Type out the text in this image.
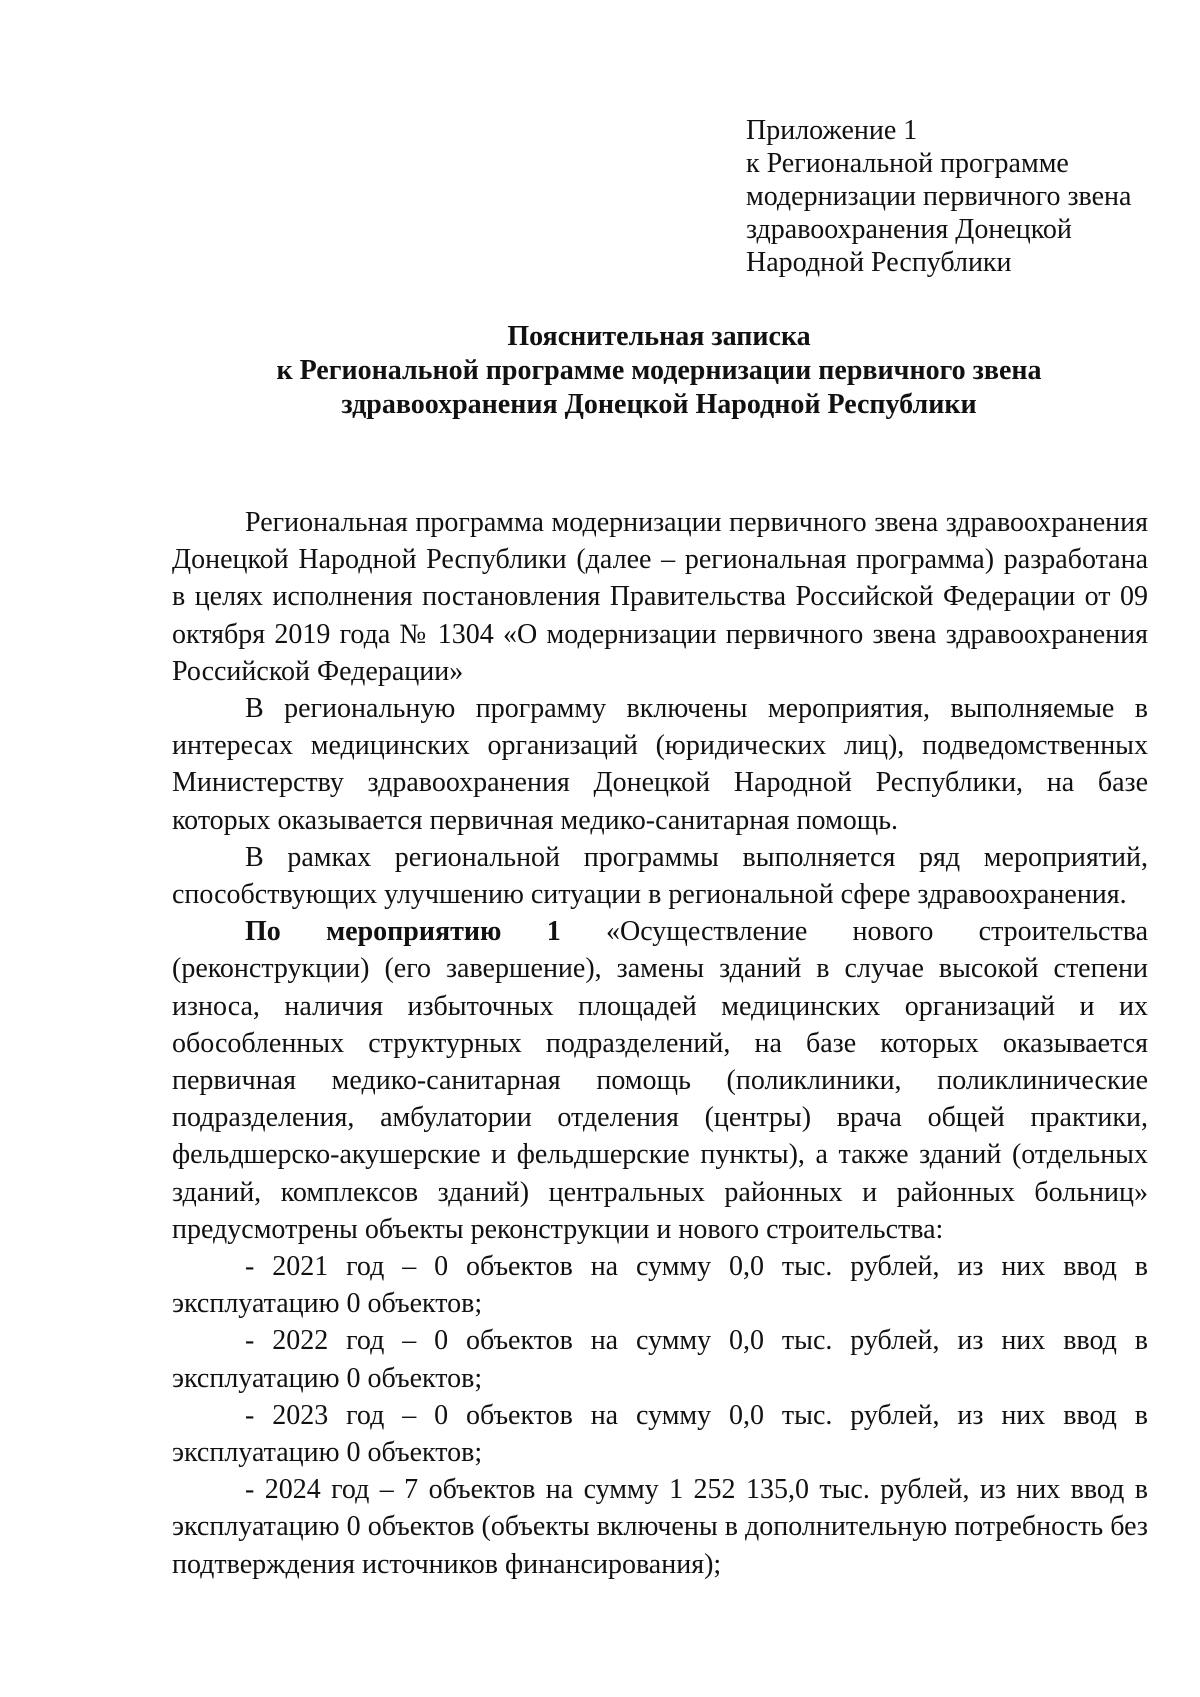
Приложение 1
к Региональной программе
модернизации первичного звена
здравоохранения Донецкой
Народной Республики
Пояснительная записка
к Региональной программе модернизации первичного звена
здравоохранения Донецкой Народной Республики

Региональная программа модернизации первичного звена здравоохранения Донецкой Народной Республики (далее – региональная программа) разработана в целях исполнения постановления Правительства Российской Федерации от 09 октября 2019 года № 1304 «О модернизации первичного звена здравоохранения Российской Федерации»

В региональную программу включены мероприятия, выполняемые в интересах медицинских организаций (юридических лиц), подведомственных Министерству здравоохранения Донецкой Народной Республики, на базе которых оказывается первичная медико-санитарная помощь.

В рамках региональной программы выполняется ряд мероприятий, способствующих улучшению ситуации в региональной сфере здравоохранения.

По мероприятию 1 «Осуществление нового строительства (реконструкции) (его завершение), замены зданий в случае высокой степени износа, наличия избыточных площадей медицинских организаций и их обособленных структурных подразделений, на базе которых оказывается первичная медико-санитарная помощь (поликлиники, поликлинические подразделения, амбулатории отделения (центры) врача общей практики, фельдшерско-акушерские и фельдшерские пункты), а также зданий (отдельных зданий, комплексов зданий) центральных районных и районных больниц» предусмотрены объекты реконструкции и нового строительства:

- 2021 год – 0 объектов на сумму 0,0 тыс. рублей, из них ввод в эксплуатацию 0 объектов;

- 2022 год – 0 объектов на сумму 0,0 тыс. рублей, из них ввод в эксплуатацию 0 объектов;

- 2023 год – 0 объектов на сумму 0,0 тыс. рублей, из них ввод в эксплуатацию 0 объектов;

- 2024 год – 7 объектов на сумму 1 252 135,0 тыс. рублей, из них ввод в эксплуатацию 0 объектов (объекты включены в дополнительную потребность без подтверждения источников финансирования);
